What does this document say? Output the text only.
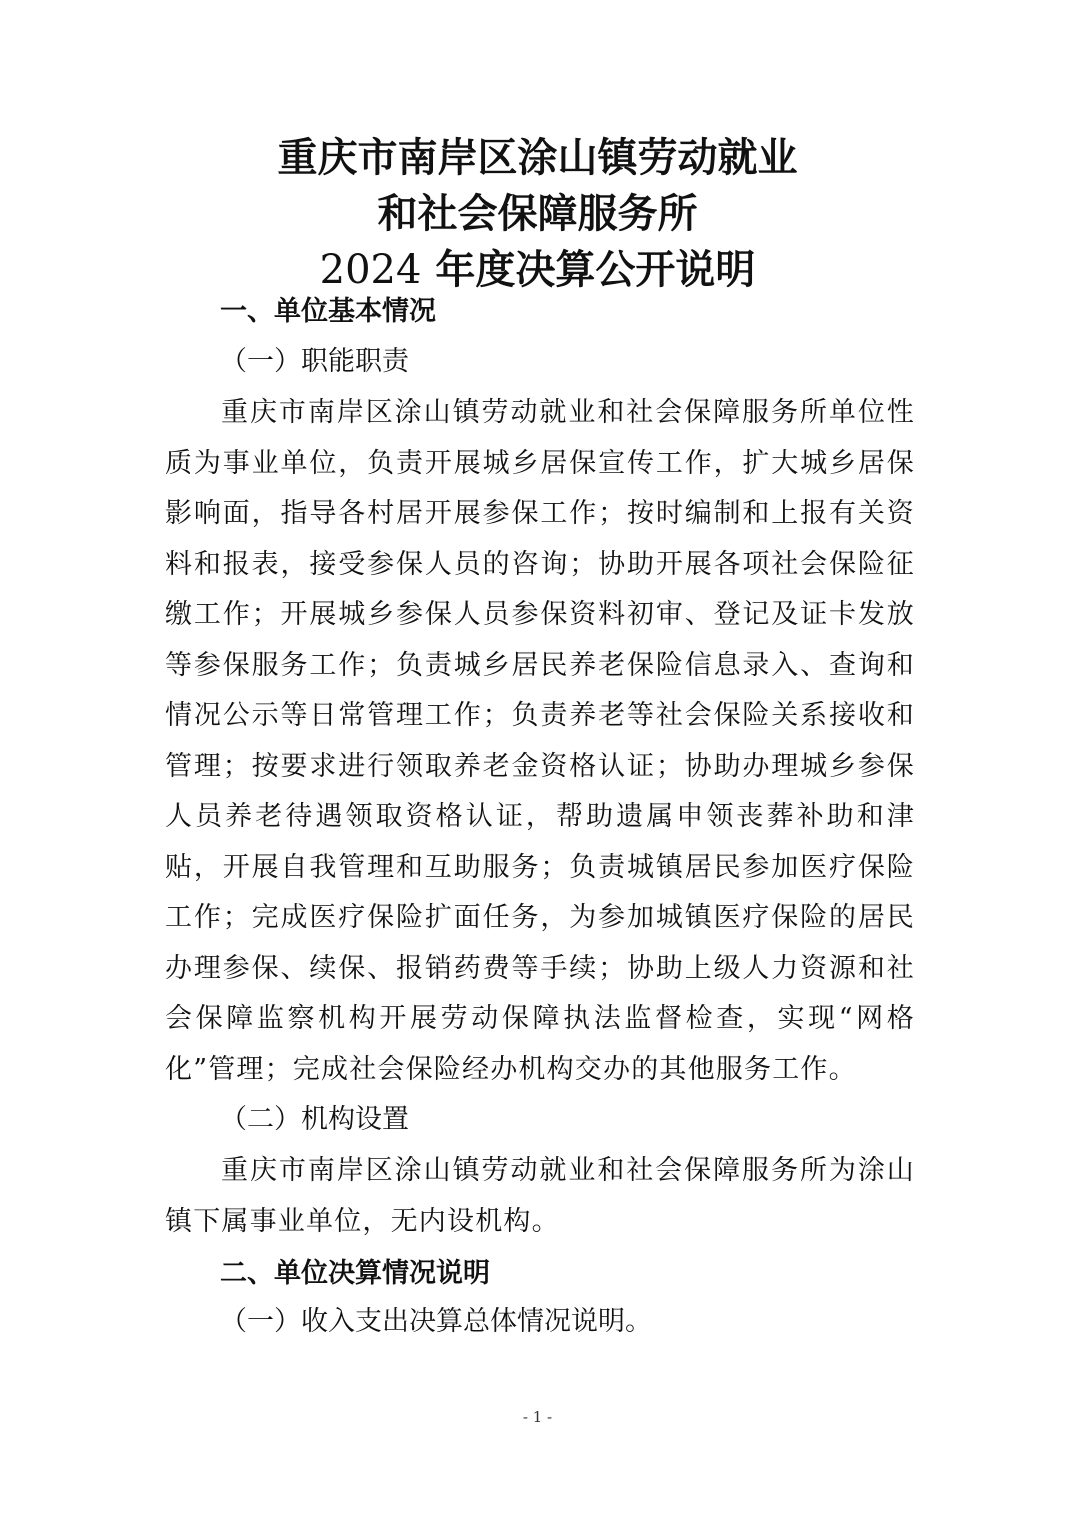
重庆市南岸区涂山镇劳动就业
和社会保障服务所
2024 年度决算公开说明
一、单位基本情况
（一）职能职责
重庆市南岸区涂山镇劳动就业和社会保障服务所单位性质为事业单位，负责开展城乡居保宣传工作，扩大城乡居保影响面，指导各村居开展参保工作；按时编制和上报有关资料和报表，接受参保人员的咨询；协助开展各项社会保险征缴工作；开展城乡参保人员参保资料初审、登记及证卡发放等参保服务工作；负责城乡居民养老保险信息录入、查询和情况公示等日常管理工作；负责养老等社会保险关系接收和管理；按要求进行领取养老金资格认证；协助办理城乡参保人员养老待遇领取资格认证，帮助遗属申领丧葬补助和津贴，开展自我管理和互助服务；负责城镇居民参加医疗保险工作；完成医疗保险扩面任务，为参加城镇医疗保险的居民办理参保、续保、报销药费等手续；协助上级人力资源和社会保障监察机构开展劳动保障执法监督检查，实现“网格化”管理；完成社会保险经办机构交办的其他服务工作。
（二）机构设置
重庆市南岸区涂山镇劳动就业和社会保障服务所为涂山镇下属事业单位，无内设机构。
二、单位决算情况说明
（一）收入支出决算总体情况说明。
- 1 -
